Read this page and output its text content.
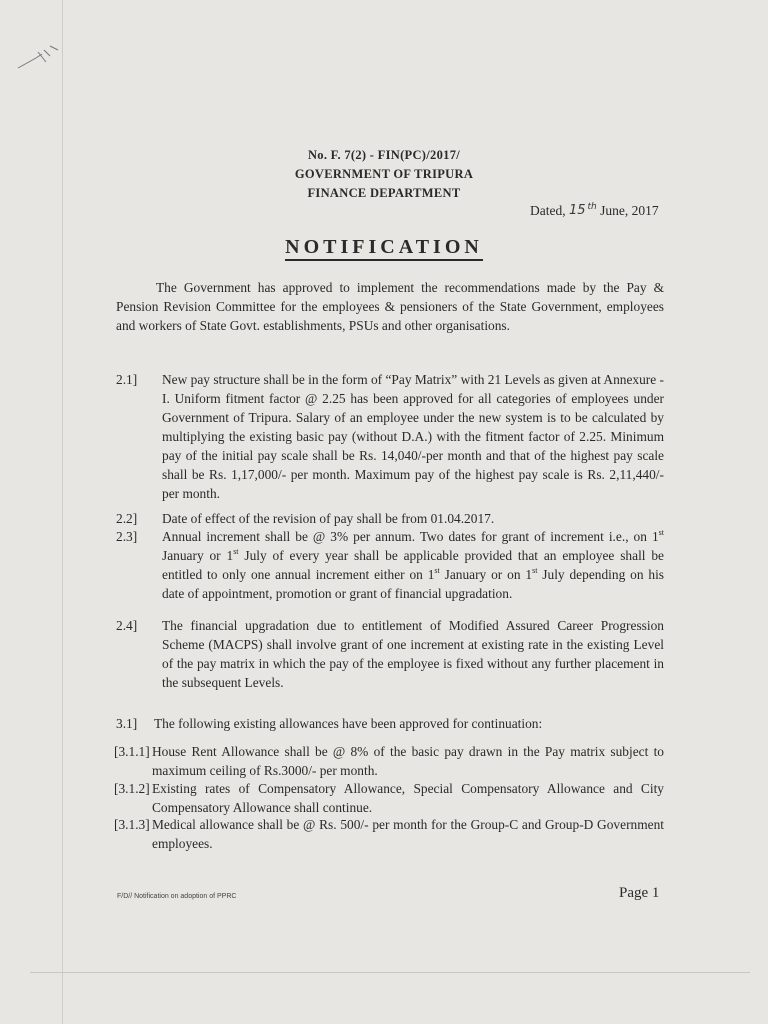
No. F. 7(2) - FIN(PC)/2017/
GOVERNMENT OF TRIPURA
FINANCE DEPARTMENT
Dated, 15 $^{th}$ June, 2017
NOTIFICATION
The Government has approved to implement the recommendations made by the Pay & Pension Revision Committee for the employees & pensioners of the State Government, employees and workers of State Govt. establishments, PSUs and other organisations.
2.1] New pay structure shall be in the form of “Pay Matrix” with 21 Levels as given at Annexure - I. Uniform fitment factor @ 2.25 has been approved for all categories of employees under Government of Tripura. Salary of an employee under the new system is to be calculated by multiplying the existing basic pay (without D.A.) with the fitment factor of 2.25. Minimum pay of the initial pay scale shall be Rs. 14,040/-per month and that of the highest pay scale shall be Rs. 1,17,000/- per month. Maximum pay of the highest pay scale is Rs. 2,11,440/- per month.
2.2] Date of effect of the revision of pay shall be from 01.04.2017.
2.3] Annual increment shall be @ 3% per annum. Two dates for grant of increment i.e., on 1st January or 1st July of every year shall be applicable provided that an employee shall be entitled to only one annual increment either on 1st January or on 1st July depending on his date of appointment, promotion or grant of financial upgradation.
2.4] The financial upgradation due to entitlement of Modified Assured Career Progression Scheme (MACPS) shall involve grant of one increment at existing rate in the existing Level of the pay matrix in which the pay of the employee is fixed without any further placement in the subsequent Levels.
3.1] The following existing allowances have been approved for continuation:
[3.1.1] House Rent Allowance shall be @ 8% of the basic pay drawn in the Pay matrix subject to maximum ceiling of Rs.3000/- per month.
[3.1.2] Existing rates of Compensatory Allowance, Special Compensatory Allowance and City Compensatory Allowance shall continue.
[3.1.3] Medical allowance shall be @ Rs. 500/- per month for the Group-C and Group-D Government employees.
F/D// Notification on adoption of PPRC	Page 1
